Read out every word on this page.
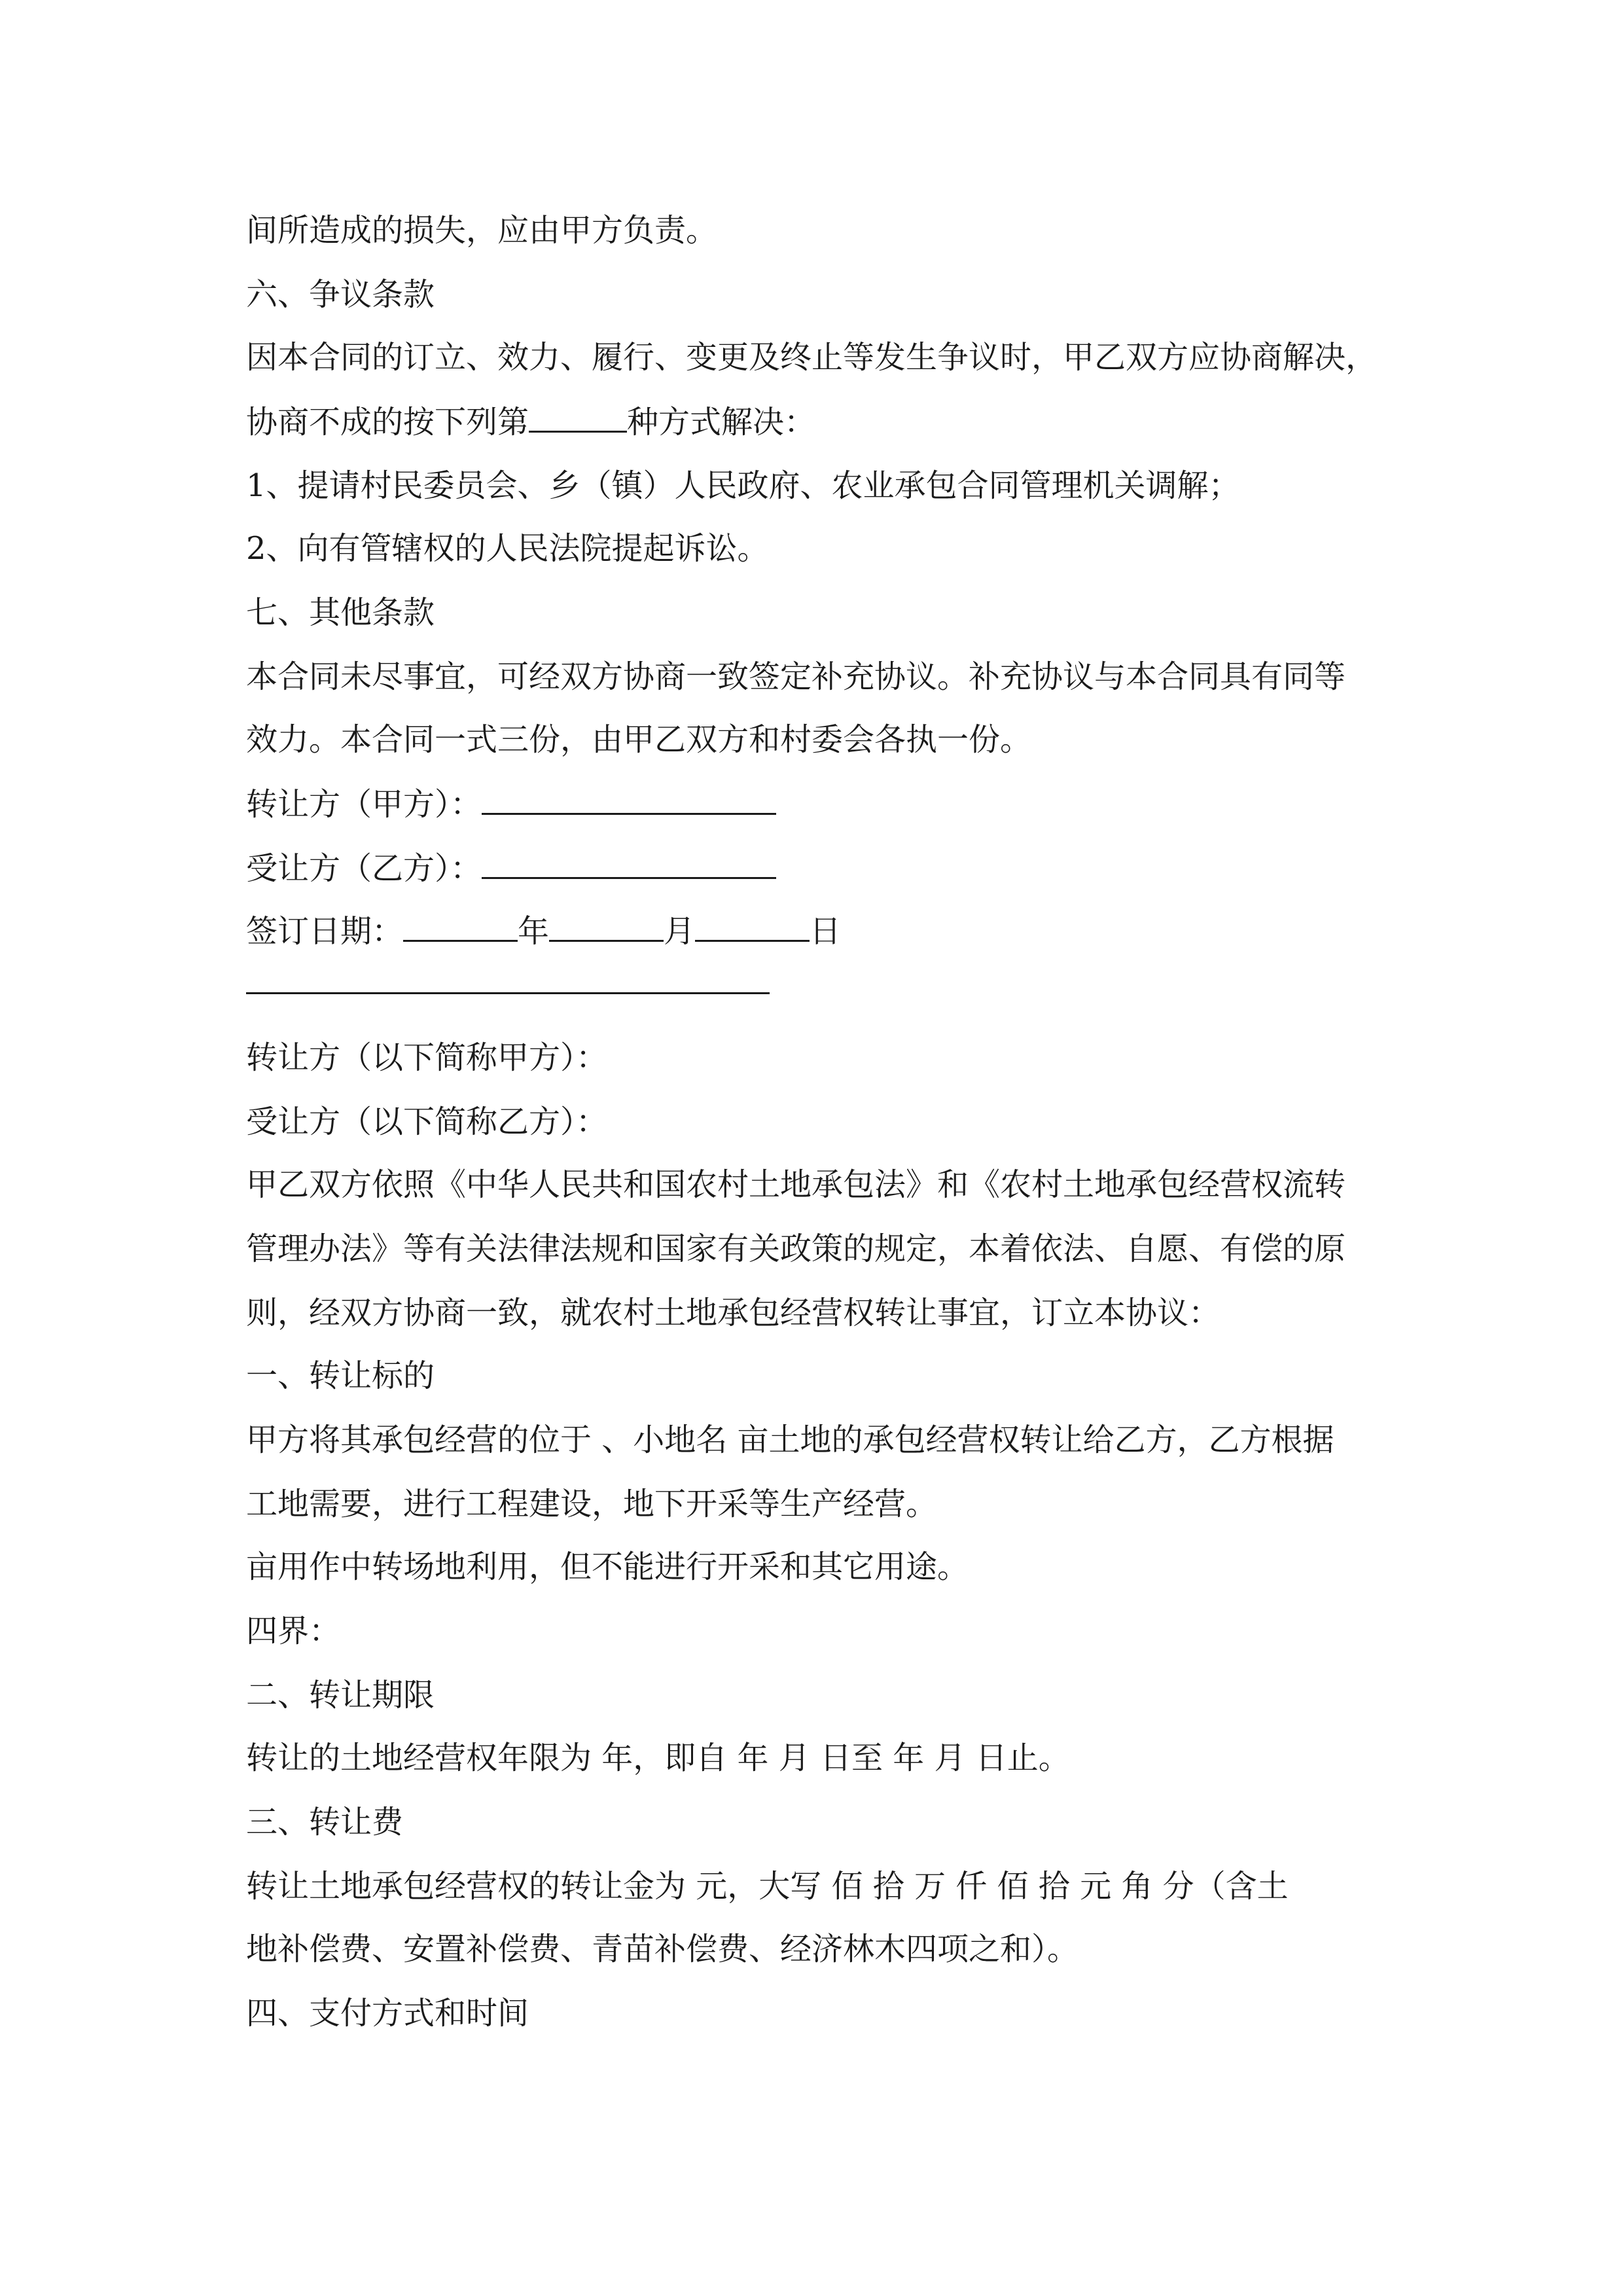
间所造成的损失，应由甲方负责。
六、争议条款
因本合同的订立、效力、履行、变更及终止等发生争议时，甲乙双方应协商解决，
协商不成的按下列第	种方式解决：
1、提请村民委员会、乡（镇）人民政府、农业承包合同管理机关调解；
2、向有管辖权的人民法院提起诉讼。
七、其他条款
本合同未尽事宜，可经双方协商一致签定补充协议。补充协议与本合同具有同等
效力。本合同一式三份，由甲乙双方和村委会各执一份。
转让方（甲方）：
受让方（乙方）：
签订日期：	年	月	日
转让方（以下简称甲方）：
受让方（以下简称乙方）：
甲乙双方依照《中华人民共和国农村土地承包法》和《农村土地承包经营权流转
管理办法》等有关法律法规和国家有关政策的规定，本着依法、自愿、有偿的原
则，经双方协商一致，就农村土地承包经营权转让事宜，订立本协议：
一、转让标的
甲方将其承包经营的位于 、小地名 亩土地的承包经营权转让给乙方，乙方根据
工地需要，进行工程建设，地下开采等生产经营。
亩用作中转场地利用，但不能进行开采和其它用途。
四界：
二、转让期限
转让的土地经营权年限为 年，即自 年 月 日至 年 月 日止。
三、转让费
转让土地承包经营权的转让金为 元，大写 佰 拾 万 仟 佰 拾 元 角 分（含土
地补偿费、安置补偿费、青苗补偿费、经济林木四项之和）。
四、支付方式和时间
